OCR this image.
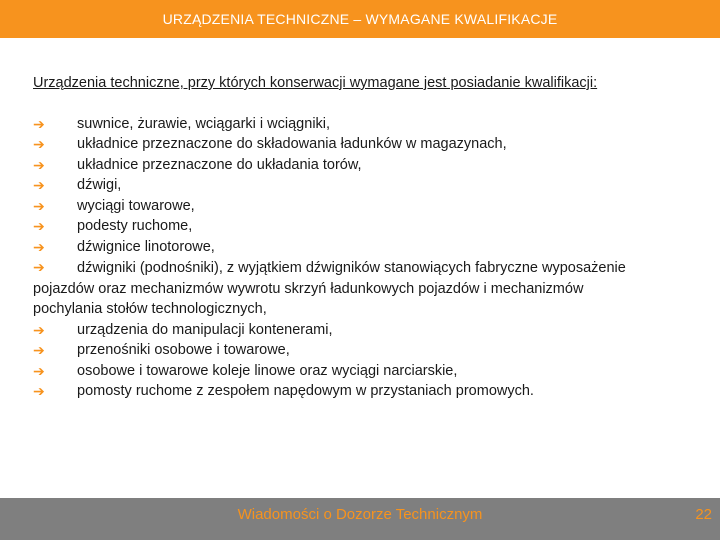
URZĄDZENIA TECHNICZNE – WYMAGANE KWALIFIKACJE
Urządzenia techniczne, przy których konserwacji wymagane jest posiadanie kwalifikacji:
➔ suwnice, żurawie, wciągarki i wciągniki,
➔ układnice przeznaczone do składowania ładunków w magazynach,
➔ układnice przeznaczone do układania torów,
➔ dźwigi,
➔ wyciągi towarowe,
➔ podesty ruchome,
➔ dźwignice linotorowe,
➔ dźwigniki (podnośniki), z wyjątkiem dźwigników stanowiących fabryczne wyposażenie pojazdów oraz mechanizmów wywrotu skrzyń ładunkowych pojazdów i mechanizmów pochylania stołów technologicznych,
➔ urządzenia do manipulacji kontenerami,
➔ przenośniki osobowe i towarowe,
➔ osobowe i towarowe koleje linowe oraz wyciągi narciarskie,
➔ pomosty ruchome z zespołem napędowym w przystaniach promowych.
Wiadomości o Dozorze Technicznym	22
